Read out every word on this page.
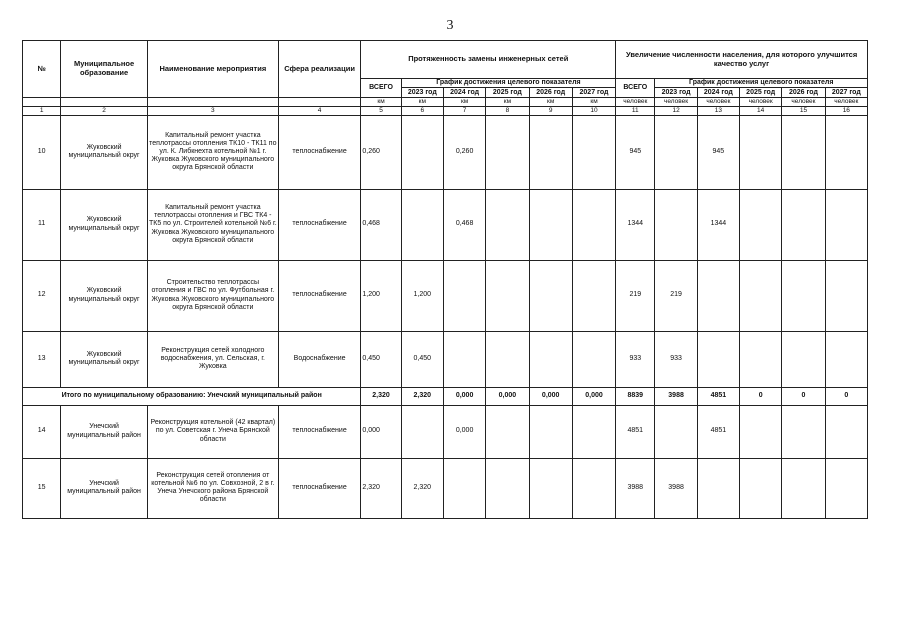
3
№	Муниципальное образование	Наименование мероприятия	Сфера реализации	Протяженность замены инженерных сетей						Увеличение численности населения, для которого улучшится качество услуг					
				ВСЕГО	График достижения целевого показателя					ВСЕГО	График достижения целевого показателя				
					2023 год	2024 год	2025 год	2026 год	2027 год		2023 год	2024 год	2025 год	2026 год	2027 год
				км	км	км	км	км	км	человек	человек	человек	человек	человек	человек
1	2	3	4	5	6	7	8	9	10	11	12	13	14	15	16
10	Жуковский муниципальный округ	Капитальный ремонт участка теплотрассы отопления ТК10 - ТК11 по ул. К. Либкнехта котельной №1 г. Жуковка Жуковского муниципального округа Брянской области	теплоснабжение	0,260		0,260				945		945			
11	Жуковский муниципальный округ	Капитальный ремонт участка теплотрассы отопления и ГВС ТК4 - ТК5 по ул. Строителей котельной №6 г. Жуковка Жуковского муниципального округа Брянской области	теплоснабжение	0,468		0,468				1344		1344			
12	Жуковский муниципальный округ	Строительство теплотрассы отопления и ГВС по ул. Футбольная г. Жуковка Жуковского муниципального округа Брянской области	теплоснабжение	1,200	1,200					219	219				
13	Жуковский муниципальный округ	Реконструкция сетей холодного водоснабжения, ул. Сельская, г. Жуковка	Водоснабжение	0,450	0,450					933	933				
Итого по муниципальному образованию: Унечский муниципальный район				2,320	2,320	0,000	0,000	0,000	0,000	8839	3988	4851	0	0	0
14	Унечский муниципальный район	Реконструкция котельной (42 квартал) по ул. Советская г. Унеча Брянской области	теплоснабжение	0,000		0,000				4851		4851			
15	Унечский муниципальный район	Реконструкция сетей отопления от котельной №6 по ул. Совхозной, 2 в г. Унеча Унечского района Брянской области	теплоснабжение	2,320	2,320					3988	3988				
